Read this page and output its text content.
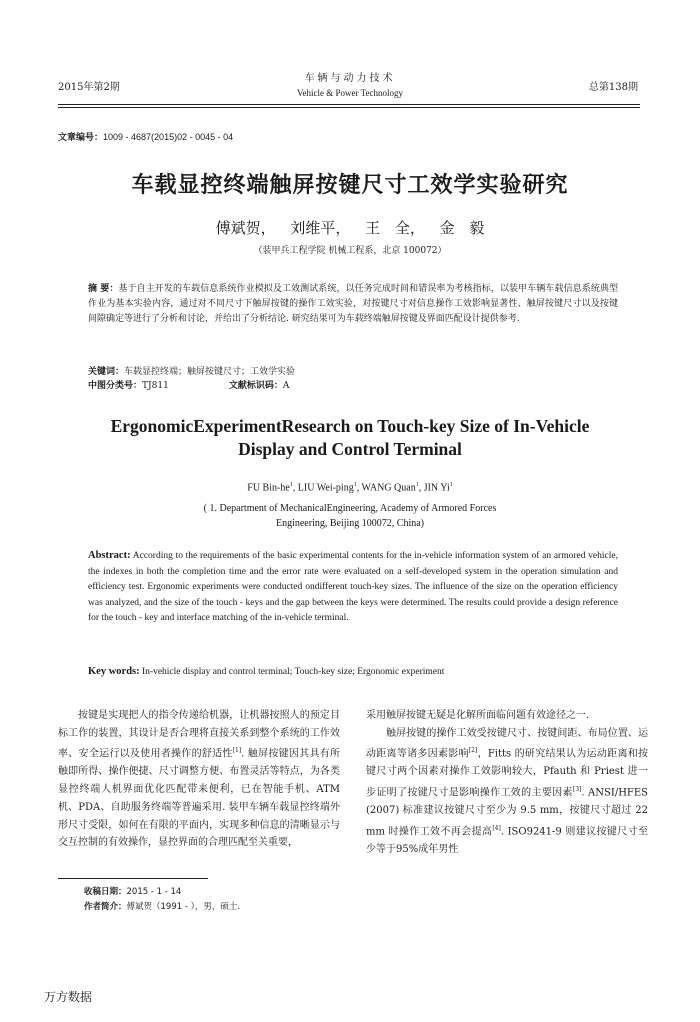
2015年第2期
车辆与动力技术
Vehicle & Power Technology	总第138期
文章编号：1009 - 4687(2015)02 - 0045 - 04
车载显控终端触屏按键尺寸工效学实验研究
傅斌贺， 刘维平， 王 全， 金 毅
（装甲兵工程学院 机械工程系，北京 100072）
摘 要：基于自主开发的车载信息系统作业模拟及工效测试系统，以任务完成时间和错误率为考核指标，以装甲车辆车载信息系统典型作业为基本实验内容，通过对不同尺寸下触屏按键的操作工效实验，对按键尺寸对信息操作工效影响显著性、触屏按键尺寸以及按键间隙确定等进行了分析和讨论，并给出了分析结论. 研究结果可为车载终端触屏按键及界面匹配设计提供参考.
关键词：车载显控终端；触屏按键尺寸；工效学实验
中图分类号：TJ811	文献标识码：A
ErgonomicExperimentResearch on Touch-key Size of In-Vehicle
Display and Control Terminal
FU Bin-$he^1$, LIU Wei-ping$^1$, WANG Quan$^1$, JIN Yi$^1$
( 1. Department of MechanicalEngineering, Academy of Armored Forces Engineering, Beijing 100072, China)
Abstract: According to the requirements of the basic experimental contents for the in-vehicle information system of an armored vehicle, the indexes in both the completion time and the error rate were evaluated on a self-developed system in the operation simulation and efficiency test. Ergonomic experiments were conducted ondifferent touch-key sizes. The influence of the size on the operation efficiency was analyzed, and the size of the touch - keys and the gap between the keys were determined. The results could provide a design reference for the touch - key and interface matching of the in-vehicle terminal.
Key words: In-vehicle display and control terminal; Touch-key size; Ergonomic experiment

按键是实现把人的指令传递给机器，让机器按照人的预定目标工作的装置，其设计是否合理将直接关系到整个系统的工作效率、安全运行以及使用者操作的舒适性[1]. 触屏按键因其具有所触即所得、操作便捷、尺寸调整方便、布置灵活等特点，为各类显控终端人机界面优化匹配带来便利，已在智能手机、ATM 机、PDA、自助服务终端等普遍采用. 装甲车辆车载显控终端外形尺寸受限，如何在有限的平面内，实现多种信息的清晰显示与交互控制的有效操作，显控界面的合理匹配至关重要，

采用触屏按键无疑是化解所面临问题有效途径之一.

触屏按键的操作工效受按键尺寸、按键间距、布局位置、运动距离等诸多因素影响[2]，Fitts 的研究结果认为运动距离和按键尺寸两个因素对操作工效影响较大，Pfauth 和 Priest 进一步证明了按键尺寸是影响操作工效的主要因素[3]. ANSI/HFES (2007) 标准建议按键尺寸至少为 9.5 mm，按键尺寸超过 22 mm 时操作工效不再会提高[4]. ISO9241-9 则建议按键尺寸至少等于95%成年男性

收稿日期：2015 - 1 - 14
作者简介：傅斌贺（1991 - ），男，硕士.
万方数据
